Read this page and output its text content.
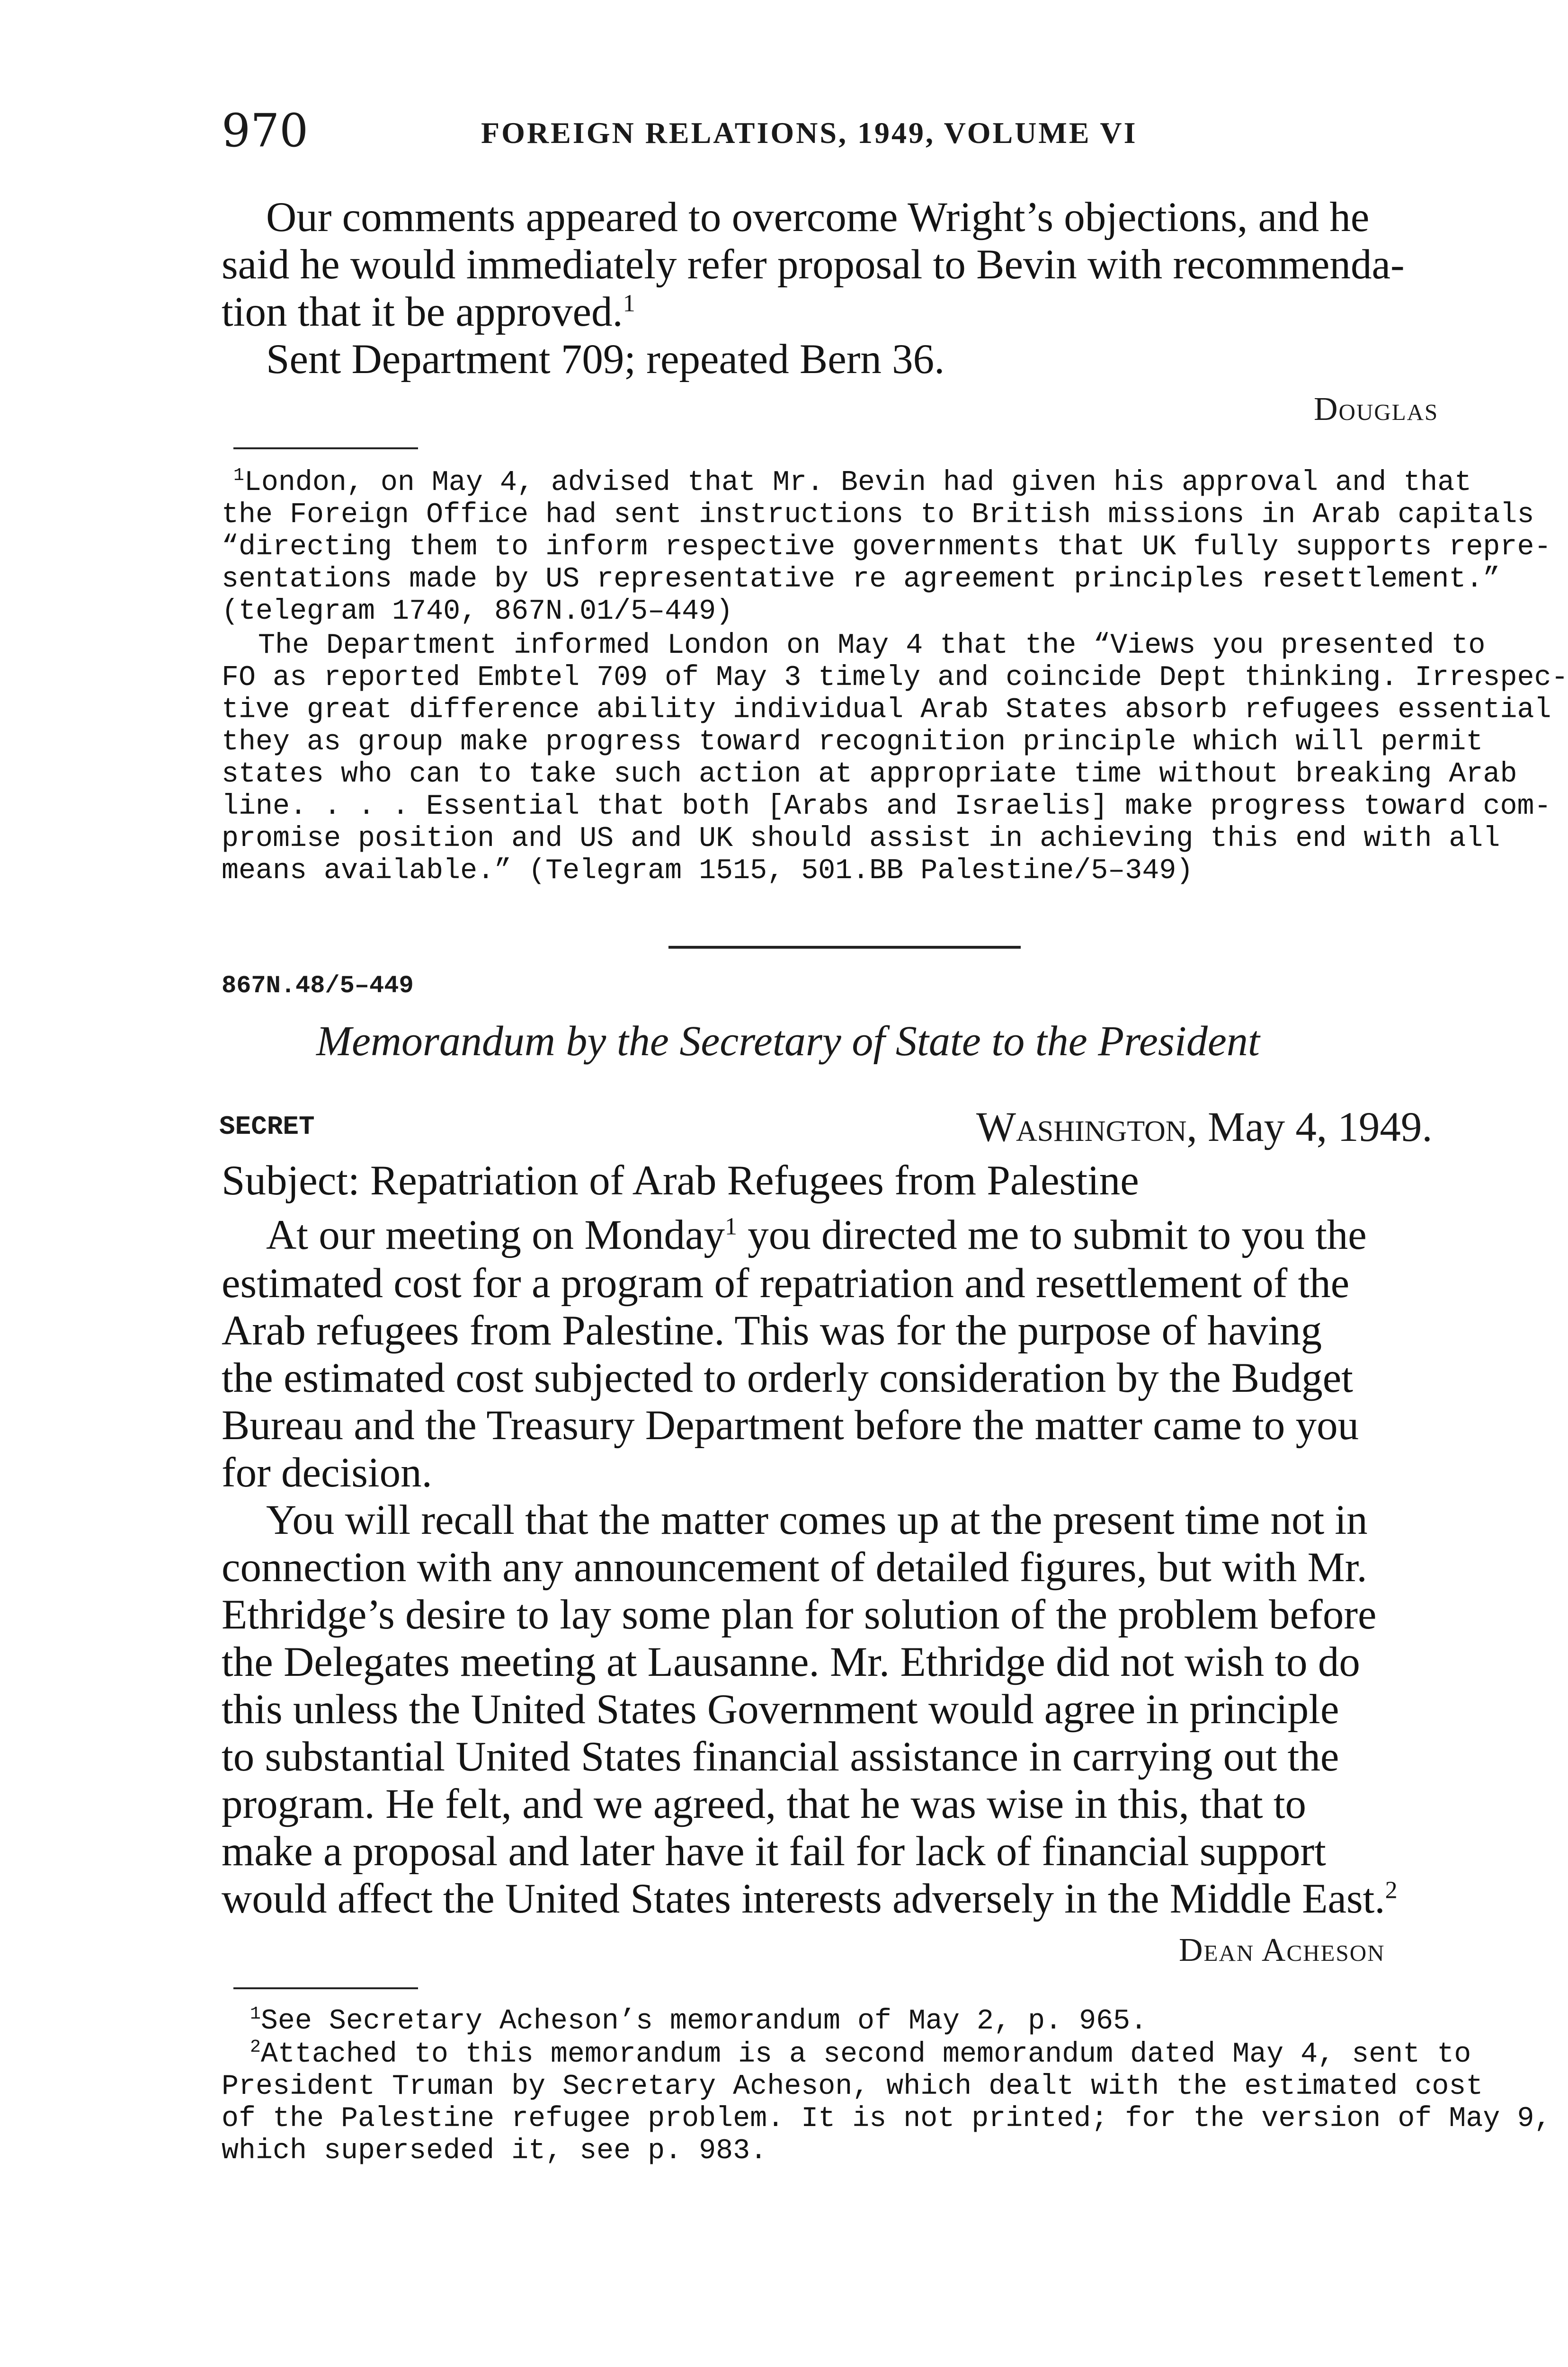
970	FOREIGN RELATIONS, 1949, VOLUME VI
Our comments appeared to overcome Wright’s objections, and he
said he would immediately refer proposal to Bevin with recommenda-
tion that it be approved.$^1$
Sent Department 709; repeated Bern 36.
Douglas
$^1$London, on May 4, advised that Mr. Bevin had given his approval and that
the Foreign Office had sent instructions to British missions in Arab capitals
“directing them to inform respective governments that UK fully supports repre-
sentations made by US representative re agreement principles resettlement.”
(telegram 1740, 867N.01/5–449)
The Department informed London on May 4 that the “Views you presented to
FO as reported Embtel 709 of May 3 timely and coincide Dept thinking. Irrespec-
tive great difference ability individual Arab States absorb refugees essential
they as group make progress toward recognition principle which will permit
states who can to take such action at appropriate time without breaking Arab
line. . . . Essential that both [Arabs and Israelis] make progress toward com-
promise position and US and UK should assist in achieving this end with all
means available.” (Telegram 1515, 501.BB Palestine/5–349)
867N.48/5–449
Memorandum by the Secretary of State to the President
SECRET	Washington, May 4, 1949.
Subject: Repatriation of Arab Refugees from Palestine
At our meeting on Monday$^1$ you directed me to submit to you the
estimated cost for a program of repatriation and resettlement of the
Arab refugees from Palestine. This was for the purpose of having
the estimated cost subjected to orderly consideration by the Budget
Bureau and the Treasury Department before the matter came to you
for decision.
You will recall that the matter comes up at the present time not in
connection with any announcement of detailed figures, but with Mr.
Ethridge’s desire to lay some plan for solution of the problem before
the Delegates meeting at Lausanne. Mr. Ethridge did not wish to do
this unless the United States Government would agree in principle
to substantial United States financial assistance in carrying out the
program. He felt, and we agreed, that he was wise in this, that to
make a proposal and later have it fail for lack of financial support
would affect the United States interests adversely in the Middle East.$^2$
Dean Acheson
$^1$See Secretary Acheson’s memorandum of May 2, p. 965.
$^2$Attached to this memorandum is a second memorandum dated May 4, sent to
President Truman by Secretary Acheson, which dealt with the estimated cost
of the Palestine refugee problem. It is not printed; for the version of May 9,
which superseded it, see p. 983.
